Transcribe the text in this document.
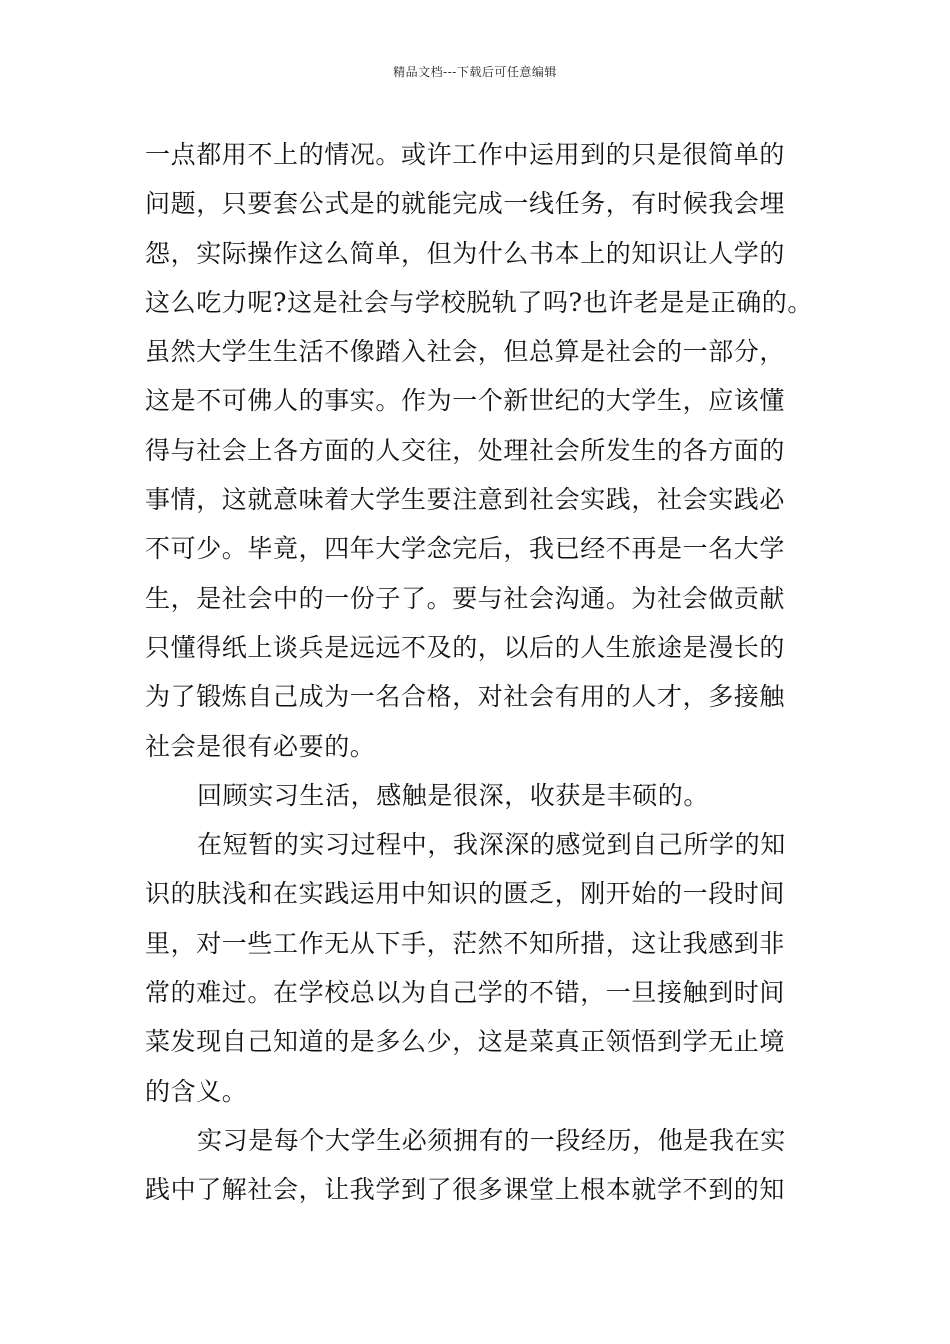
精品文档---下载后可任意编辑
一点都用不上的情况。或许工作中运用到的只是很简单的
问题，只要套公式是的就能完成一线任务，有时候我会埋
怨，实际操作这么简单，但为什么书本上的知识让人学的
这么吃力呢?这是社会与学校脱轨了吗?也许老是是正确的。
虽然大学生生活不像踏入社会，但总算是社会的一部分，
这是不可佛人的事实。作为一个新世纪的大学生，应该懂
得与社会上各方面的人交往，处理社会所发生的各方面的
事情，这就意味着大学生要注意到社会实践，社会实践必
不可少。毕竟，四年大学念完后，我已经不再是一名大学
生，是社会中的一份子了。要与社会沟通。为社会做贡献
只懂得纸上谈兵是远远不及的，以后的人生旅途是漫长的
为了锻炼自己成为一名合格，对社会有用的人才，多接触
社会是很有必要的。
回顾实习生活，感触是很深，收获是丰硕的。
在短暂的实习过程中，我深深的感觉到自己所学的知
识的肤浅和在实践运用中知识的匮乏，刚开始的一段时间
里，对一些工作无从下手，茫然不知所措，这让我感到非
常的难过。在学校总以为自己学的不错，一旦接触到时间
菜发现自己知道的是多么少，这是菜真正领悟到学无止境
的含义。
实习是每个大学生必须拥有的一段经历，他是我在实
践中了解社会，让我学到了很多课堂上根本就学不到的知
